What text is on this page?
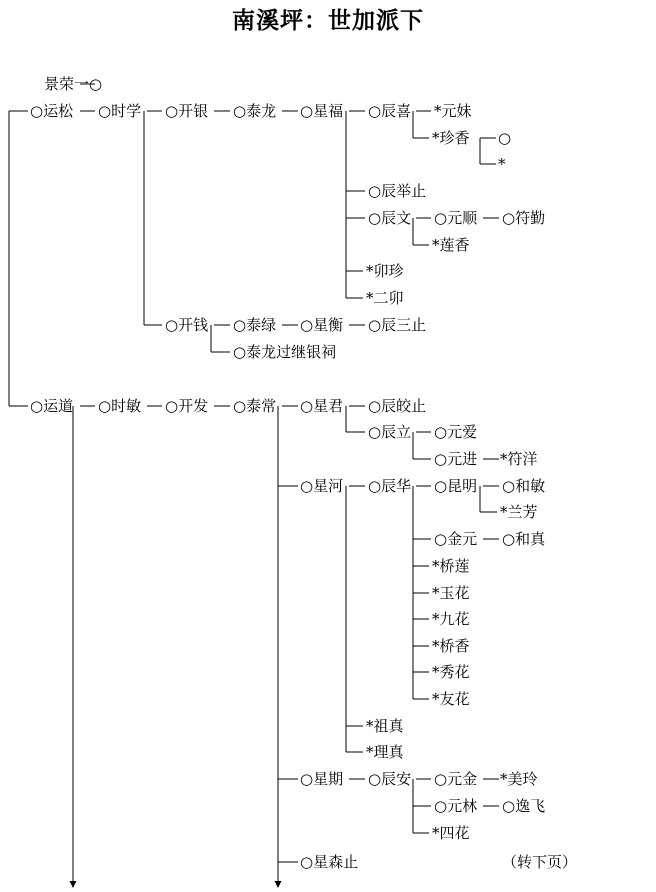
南溪坪：世加派下
景荣一○
○运松 ○时学 ○开银 ○泰龙 ○星福 ○辰喜 *元妹
*珍香 ○
*
○辰举止
○辰文 ○元顺 ○符勤
*莲香
*卯珍
*二卯
○开钱 ○泰绿 ○星衡 ○辰三止
○泰龙过继银祠
○运道 ○时敏 ○开发 ○泰常 ○星君 ○辰皎止
○辰立 ○元爱
○元进 *符洋
○星河 ○辰华 ○昆明 ○和敏
*兰芳
○金元 ○和真
*桥莲
*玉花
*九花
*桥香
*秀花
*友花
*祖真
*理真
○星期 ○辰安 ○元金 *美玲
○元林 ○逸飞
*四花
○星森止	（转下页）
